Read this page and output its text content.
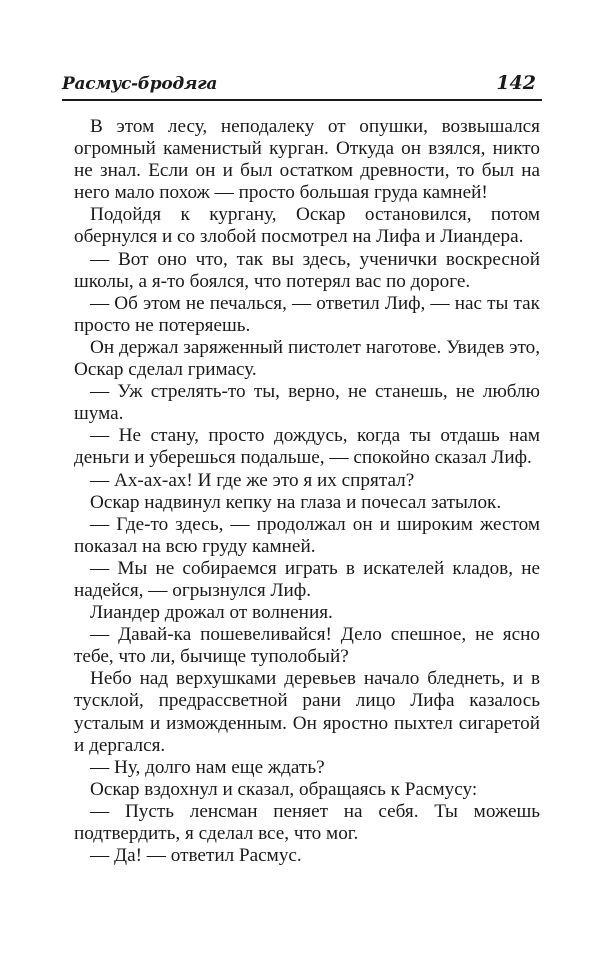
Расмус-бродяга	142

В этом лесу, неподалеку от опушки, возвышался огромный каменистый курган. Откуда он взялся, никто не знал. Если он и был остатком древности, то был на него мало похож — просто большая груда камней!

Подойдя к кургану, Оскар остановился, потом обернулся и со злобой посмотрел на Лифа и Лиандера.

— Вот оно что, так вы здесь, ученички воскресной школы, а я-то боялся, что потерял вас по дороге.

— Об этом не печалься, — ответил Лиф, — нас ты так просто не потеряешь.

Он держал заряженный пистолет наготове. Увидев это, Оскар сделал гримасу.

— Уж стрелять-то ты, верно, не станешь, не люблю шума.

— Не стану, просто дождусь, когда ты отдашь нам деньги и уберешься подальше, — спокойно сказал Лиф.

— Ах-ах-ах! И где же это я их спрятал?

Оскар надвинул кепку на глаза и почесал затылок.

— Где-то здесь, — продолжал он и широким жестом показал на всю груду камней.

— Мы не собираемся играть в искателей кладов, не надейся, — огрызнулся Лиф.

Лиандер дрожал от волнения.

— Давай-ка пошевеливайся! Дело спешное, не ясно тебе, что ли, бычище туполобый?

Небо над верхушками деревьев начало бледнеть, и в тусклой, предрассветной рани лицо Лифа казалось усталым и изможденным. Он яростно пыхтел сигаретой и дергался.

— Ну, долго нам еще ждать?

Оскар вздохнул и сказал, обращаясь к Расмусу:

— Пусть ленсман пеняет на себя. Ты можешь подтвердить, я сделал все, что мог.

— Да! — ответил Расмус.
